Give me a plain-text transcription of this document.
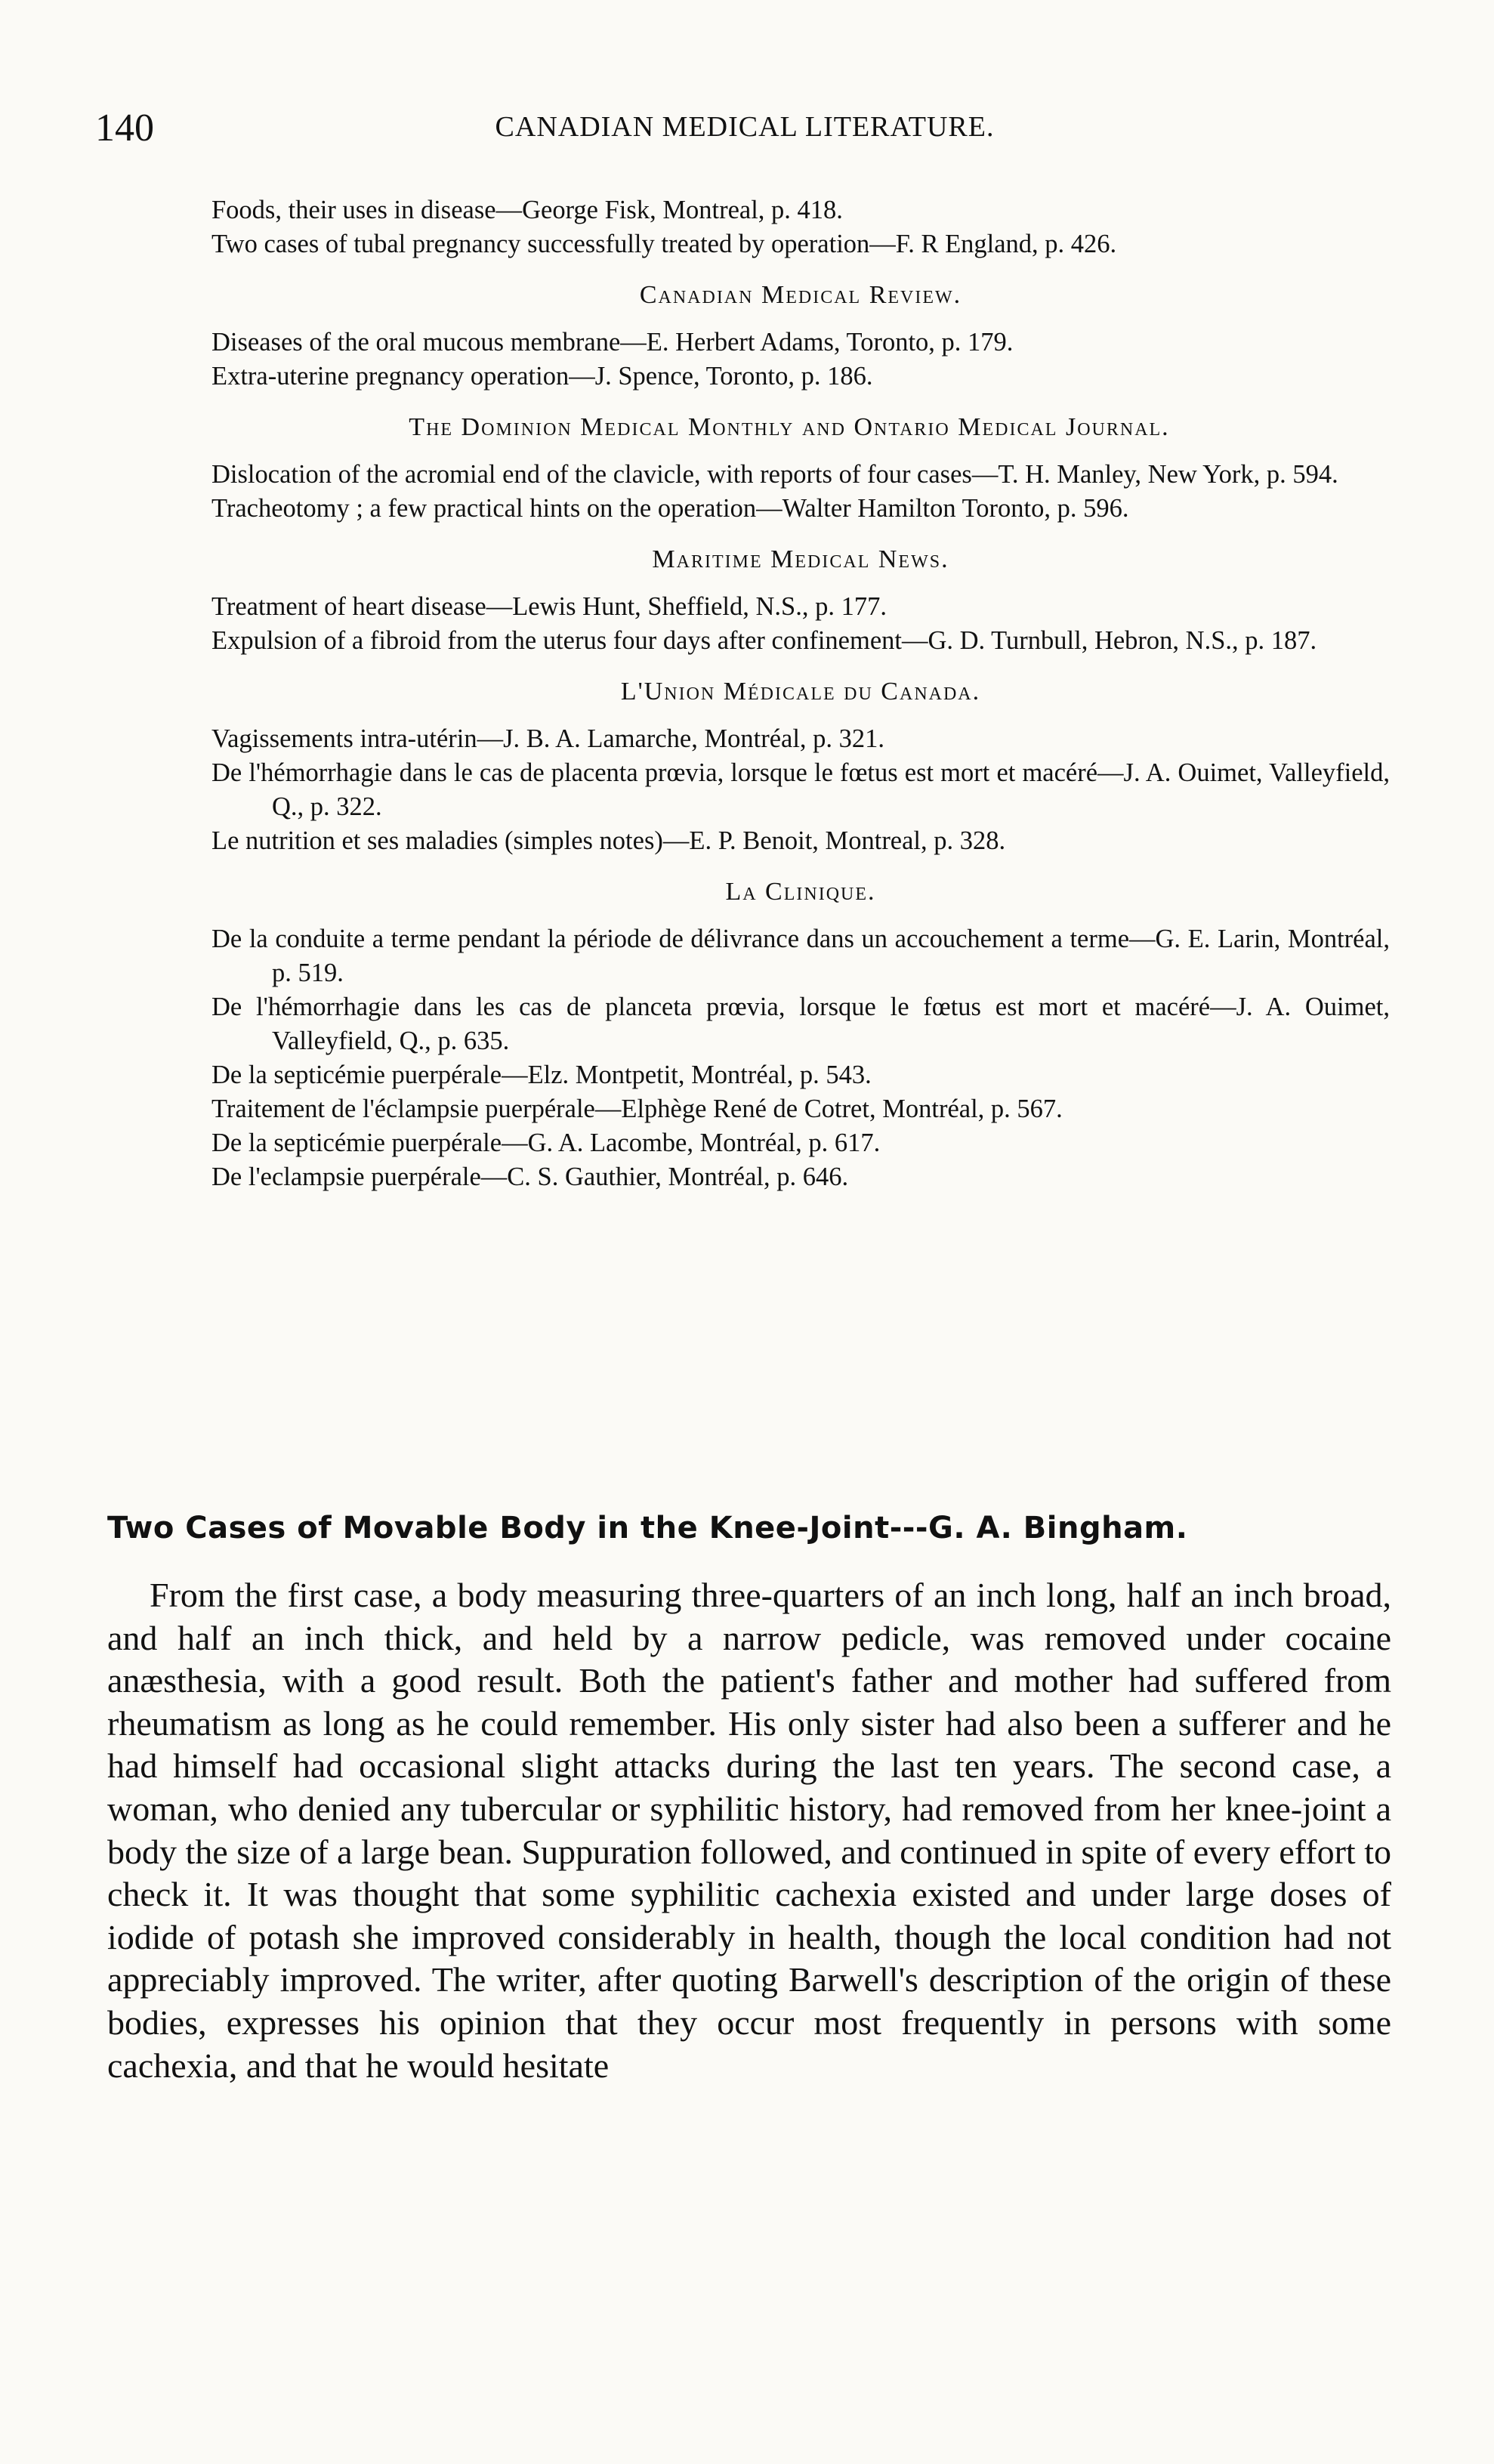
140	CANADIAN MEDICAL LITERATURE.
Foods, their uses in disease—George Fisk, Montreal, p. 418.
Two cases of tubal pregnancy successfully treated by operation—F. R England, p. 426.
Canadian Medical Review.
Diseases of the oral mucous membrane—E. Herbert Adams, Toronto, p. 179.
Extra-uterine pregnancy operation—J. Spence, Toronto, p. 186.
The Dominion Medical Monthly and Ontario Medical Journal.
Dislocation of the acromial end of the clavicle, with reports of four cases—T. H. Manley, New York, p. 594.
Tracheotomy ; a few practical hints on the operation—Walter Hamilton Toronto, p. 596.
Maritime Medical News.
Treatment of heart disease—Lewis Hunt, Sheffield, N.S., p. 177.
Expulsion of a fibroid from the uterus four days after confinement—G. D. Turnbull, Hebron, N.S., p. 187.
L'Union Médicale du Canada.
Vagissements intra-utérin—J. B. A. Lamarche, Montréal, p. 321.
De l'hémorrhagie dans le cas de placenta prœvia, lorsque le fœtus est mort et macéré—J. A. Ouimet, Valleyfield, Q., p. 322.
Le nutrition et ses maladies (simples notes)—E. P. Benoit, Montreal, p. 328.
La Clinique.
De la conduite a terme pendant la période de délivrance dans un accouchement a terme—G. E. Larin, Montréal, p. 519.
De l'hémorrhagie dans les cas de planceta prœvia, lorsque le fœtus est mort et macéré—J. A. Ouimet, Valleyfield, Q., p. 635.
De la septicémie puerpérale—Elz. Montpetit, Montréal, p. 543.
Traitement de l'éclampsie puerpérale—Elphège René de Cotret, Montréal, p. 567.
De la septicémie puerpérale—G. A. Lacombe, Montréal, p. 617.
De l'eclampsie puerpérale—C. S. Gauthier, Montréal, p. 646.
Two Cases of Movable Body in the Knee-Joint---G. A. Bingham.

From the first case, a body measuring three-quarters of an inch long, half an inch broad, and half an inch thick, and held by a narrow pedicle, was removed under cocaine anæsthesia, with a good result. Both the patient's father and mother had suffered from rheumatism as long as he could remember. His only sister had also been a sufferer and he had himself had occasional slight attacks during the last ten years. The second case, a woman, who denied any tubercular or syphilitic history, had removed from her knee-joint a body the size of a large bean. Suppuration followed, and continued in spite of every effort to check it. It was thought that some syphilitic cachexia existed and under large doses of iodide of potash she improved considerably in health, though the local condition had not appreciably improved. The writer, after quoting Barwell's description of the origin of these bodies, expresses his opinion that they occur most frequently in persons with some cachexia, and that he would hesitate
